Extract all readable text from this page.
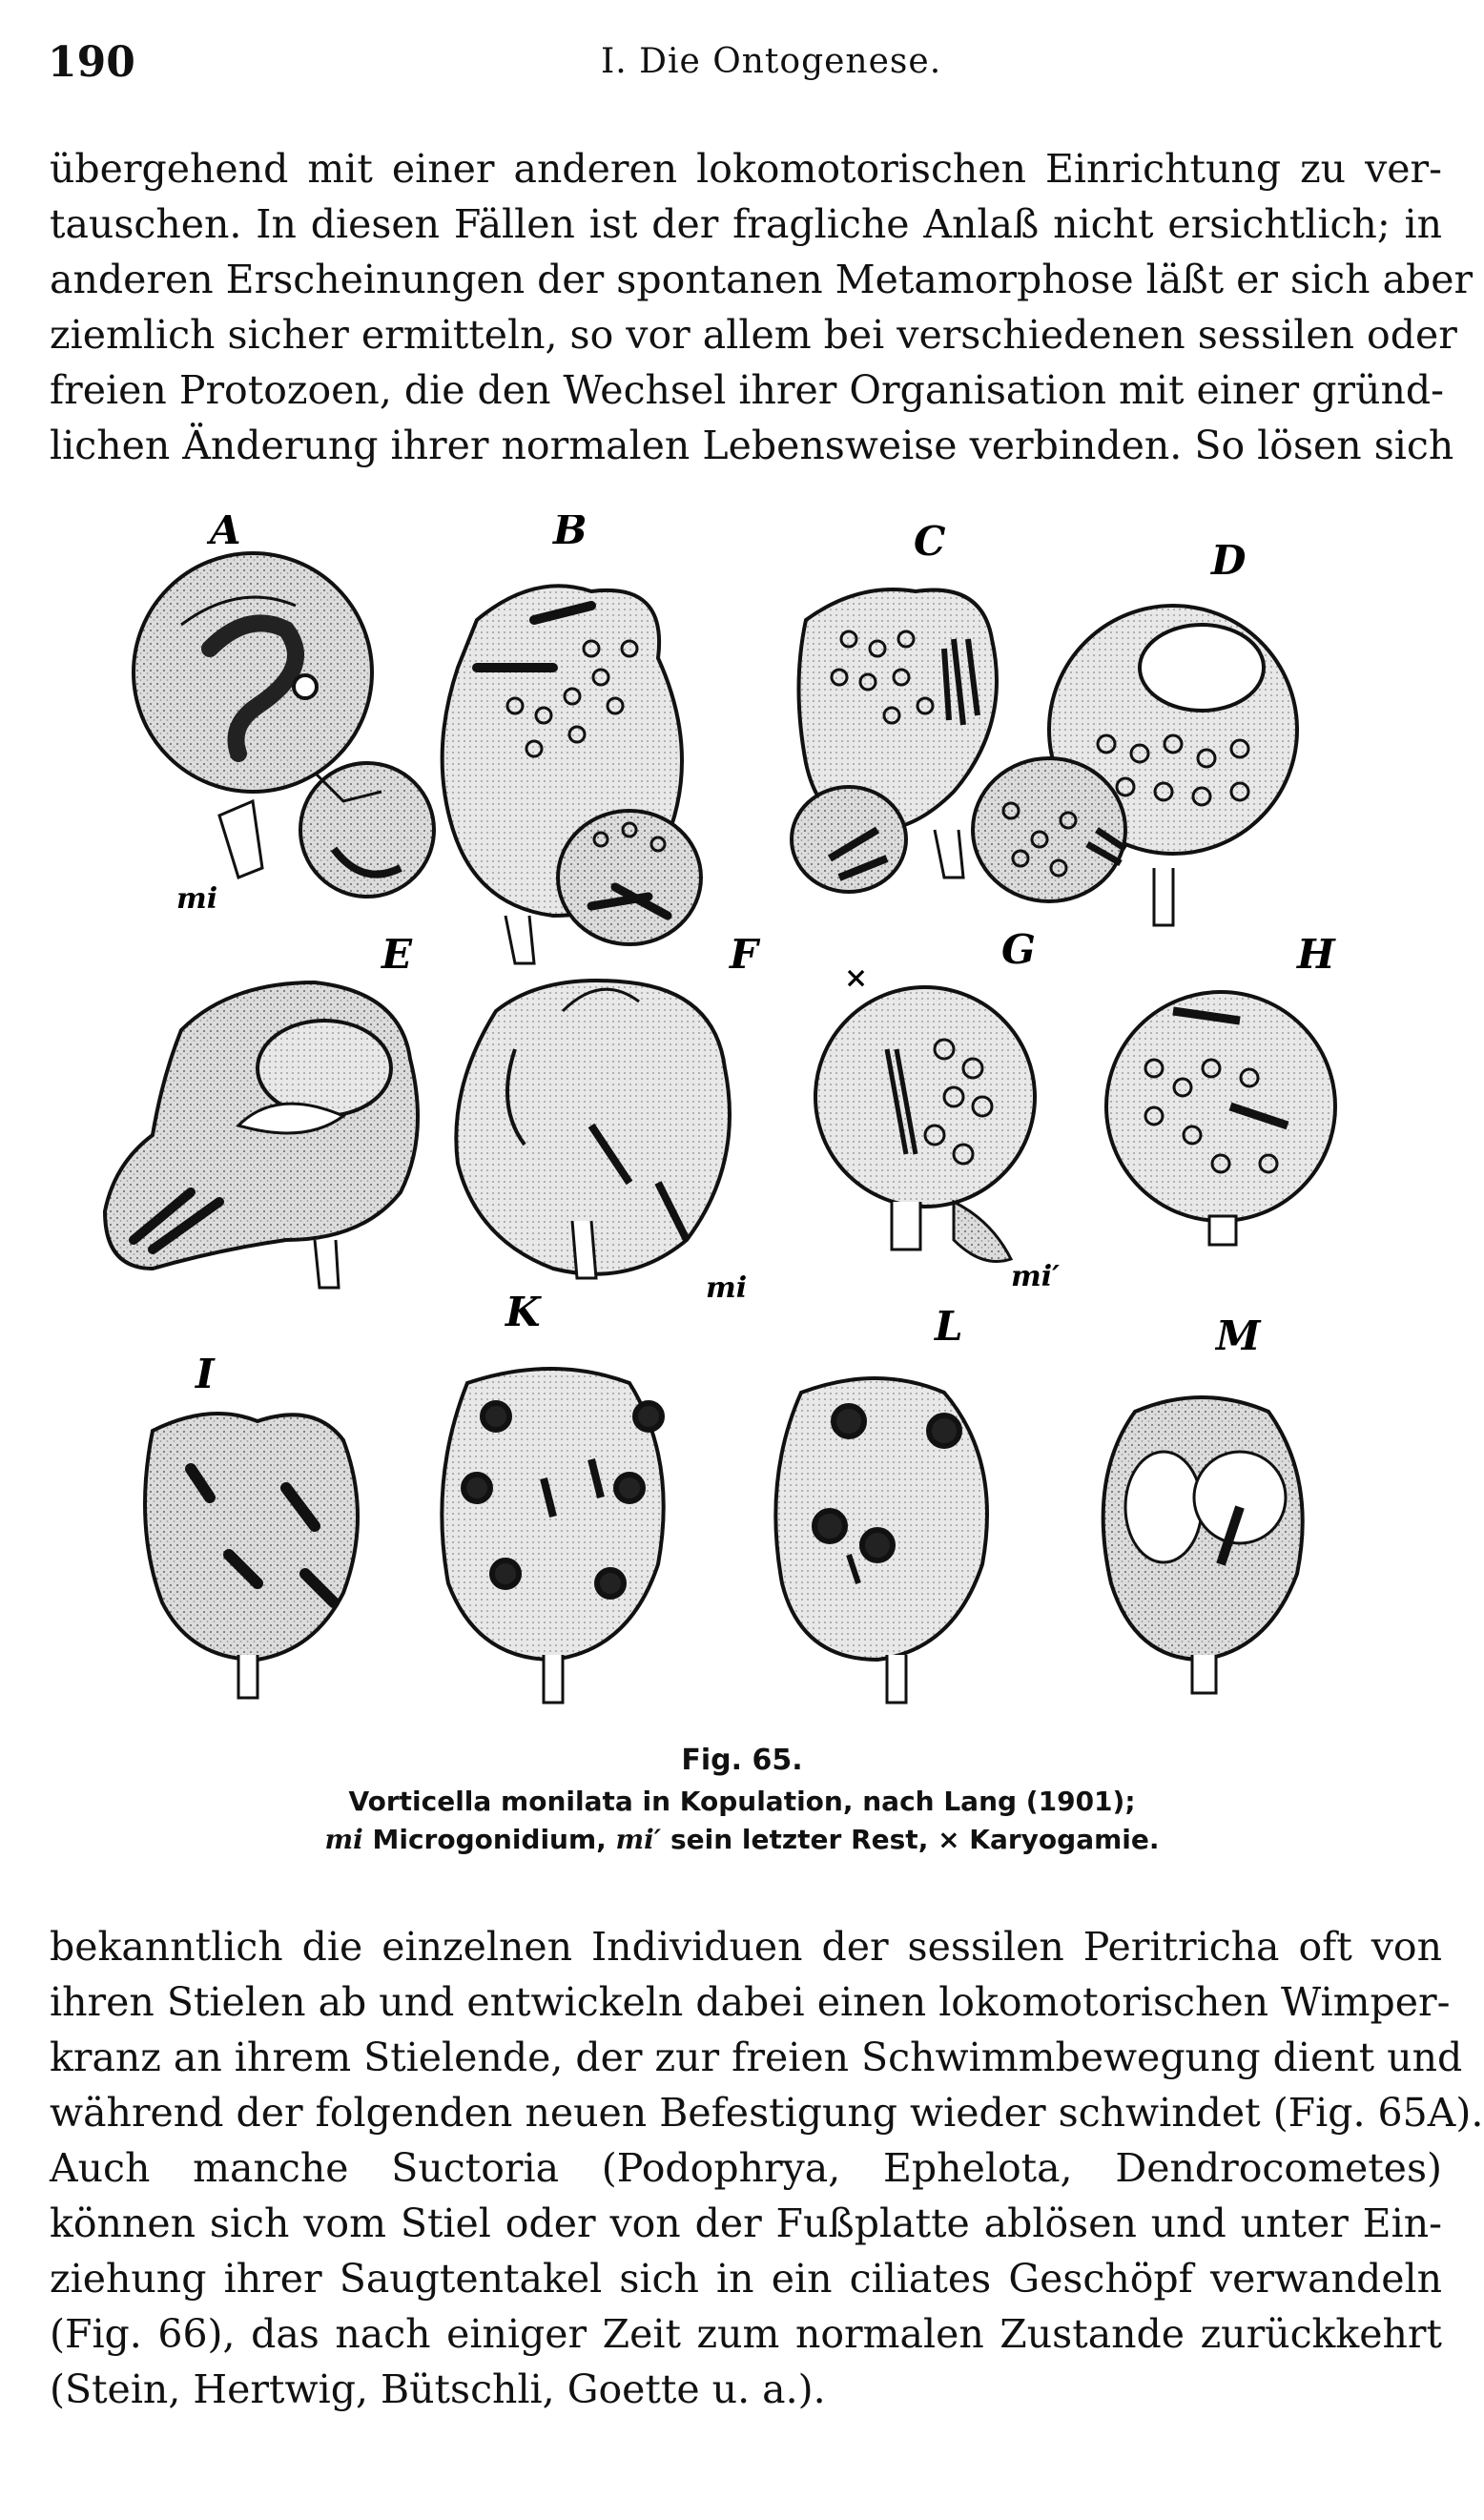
190	I. Die Ontogenese.
übergehend mit einer anderen lokomotorischen Einrichtung zu ver-
tauschen. In diesen Fällen ist der fragliche Anlaß nicht ersichtlich; in
anderen Erscheinungen der spontanen Metamorphose läßt er sich aber
ziemlich sicher ermitteln, so vor allem bei verschiedenen sessilen oder
freien Protozoen, die den Wechsel ihrer Organisation mit einer gründ-
lichen Änderung ihrer normalen Lebensweise verbinden. So lösen sich
A	B	C	D
mi
E	F	G	H
×
mi	mi′
I
K	L	M
Fig. 65.
Vorticella monilata in Kopulation, nach Lang (1901);
mi Microgonidium, mi′ sein letzter Rest, × Karyogamie.
bekanntlich die einzelnen Individuen der sessilen Peritricha oft von
ihren Stielen ab und entwickeln dabei einen lokomotorischen Wimper-
kranz an ihrem Stielende, der zur freien Schwimmbewegung dient und
während der folgenden neuen Befestigung wieder schwindet (Fig. 65A).
Auch manche Suctoria (Podophrya, Ephelota, Dendrocometes)
können sich vom Stiel oder von der Fußplatte ablösen und unter Ein-
ziehung ihrer Saugtentakel sich in ein ciliates Geschöpf verwandeln
(Fig. 66), das nach einiger Zeit zum normalen Zustande zurückkehrt
(Stein, Hertwig, Bütschli, Goette u. a.).
